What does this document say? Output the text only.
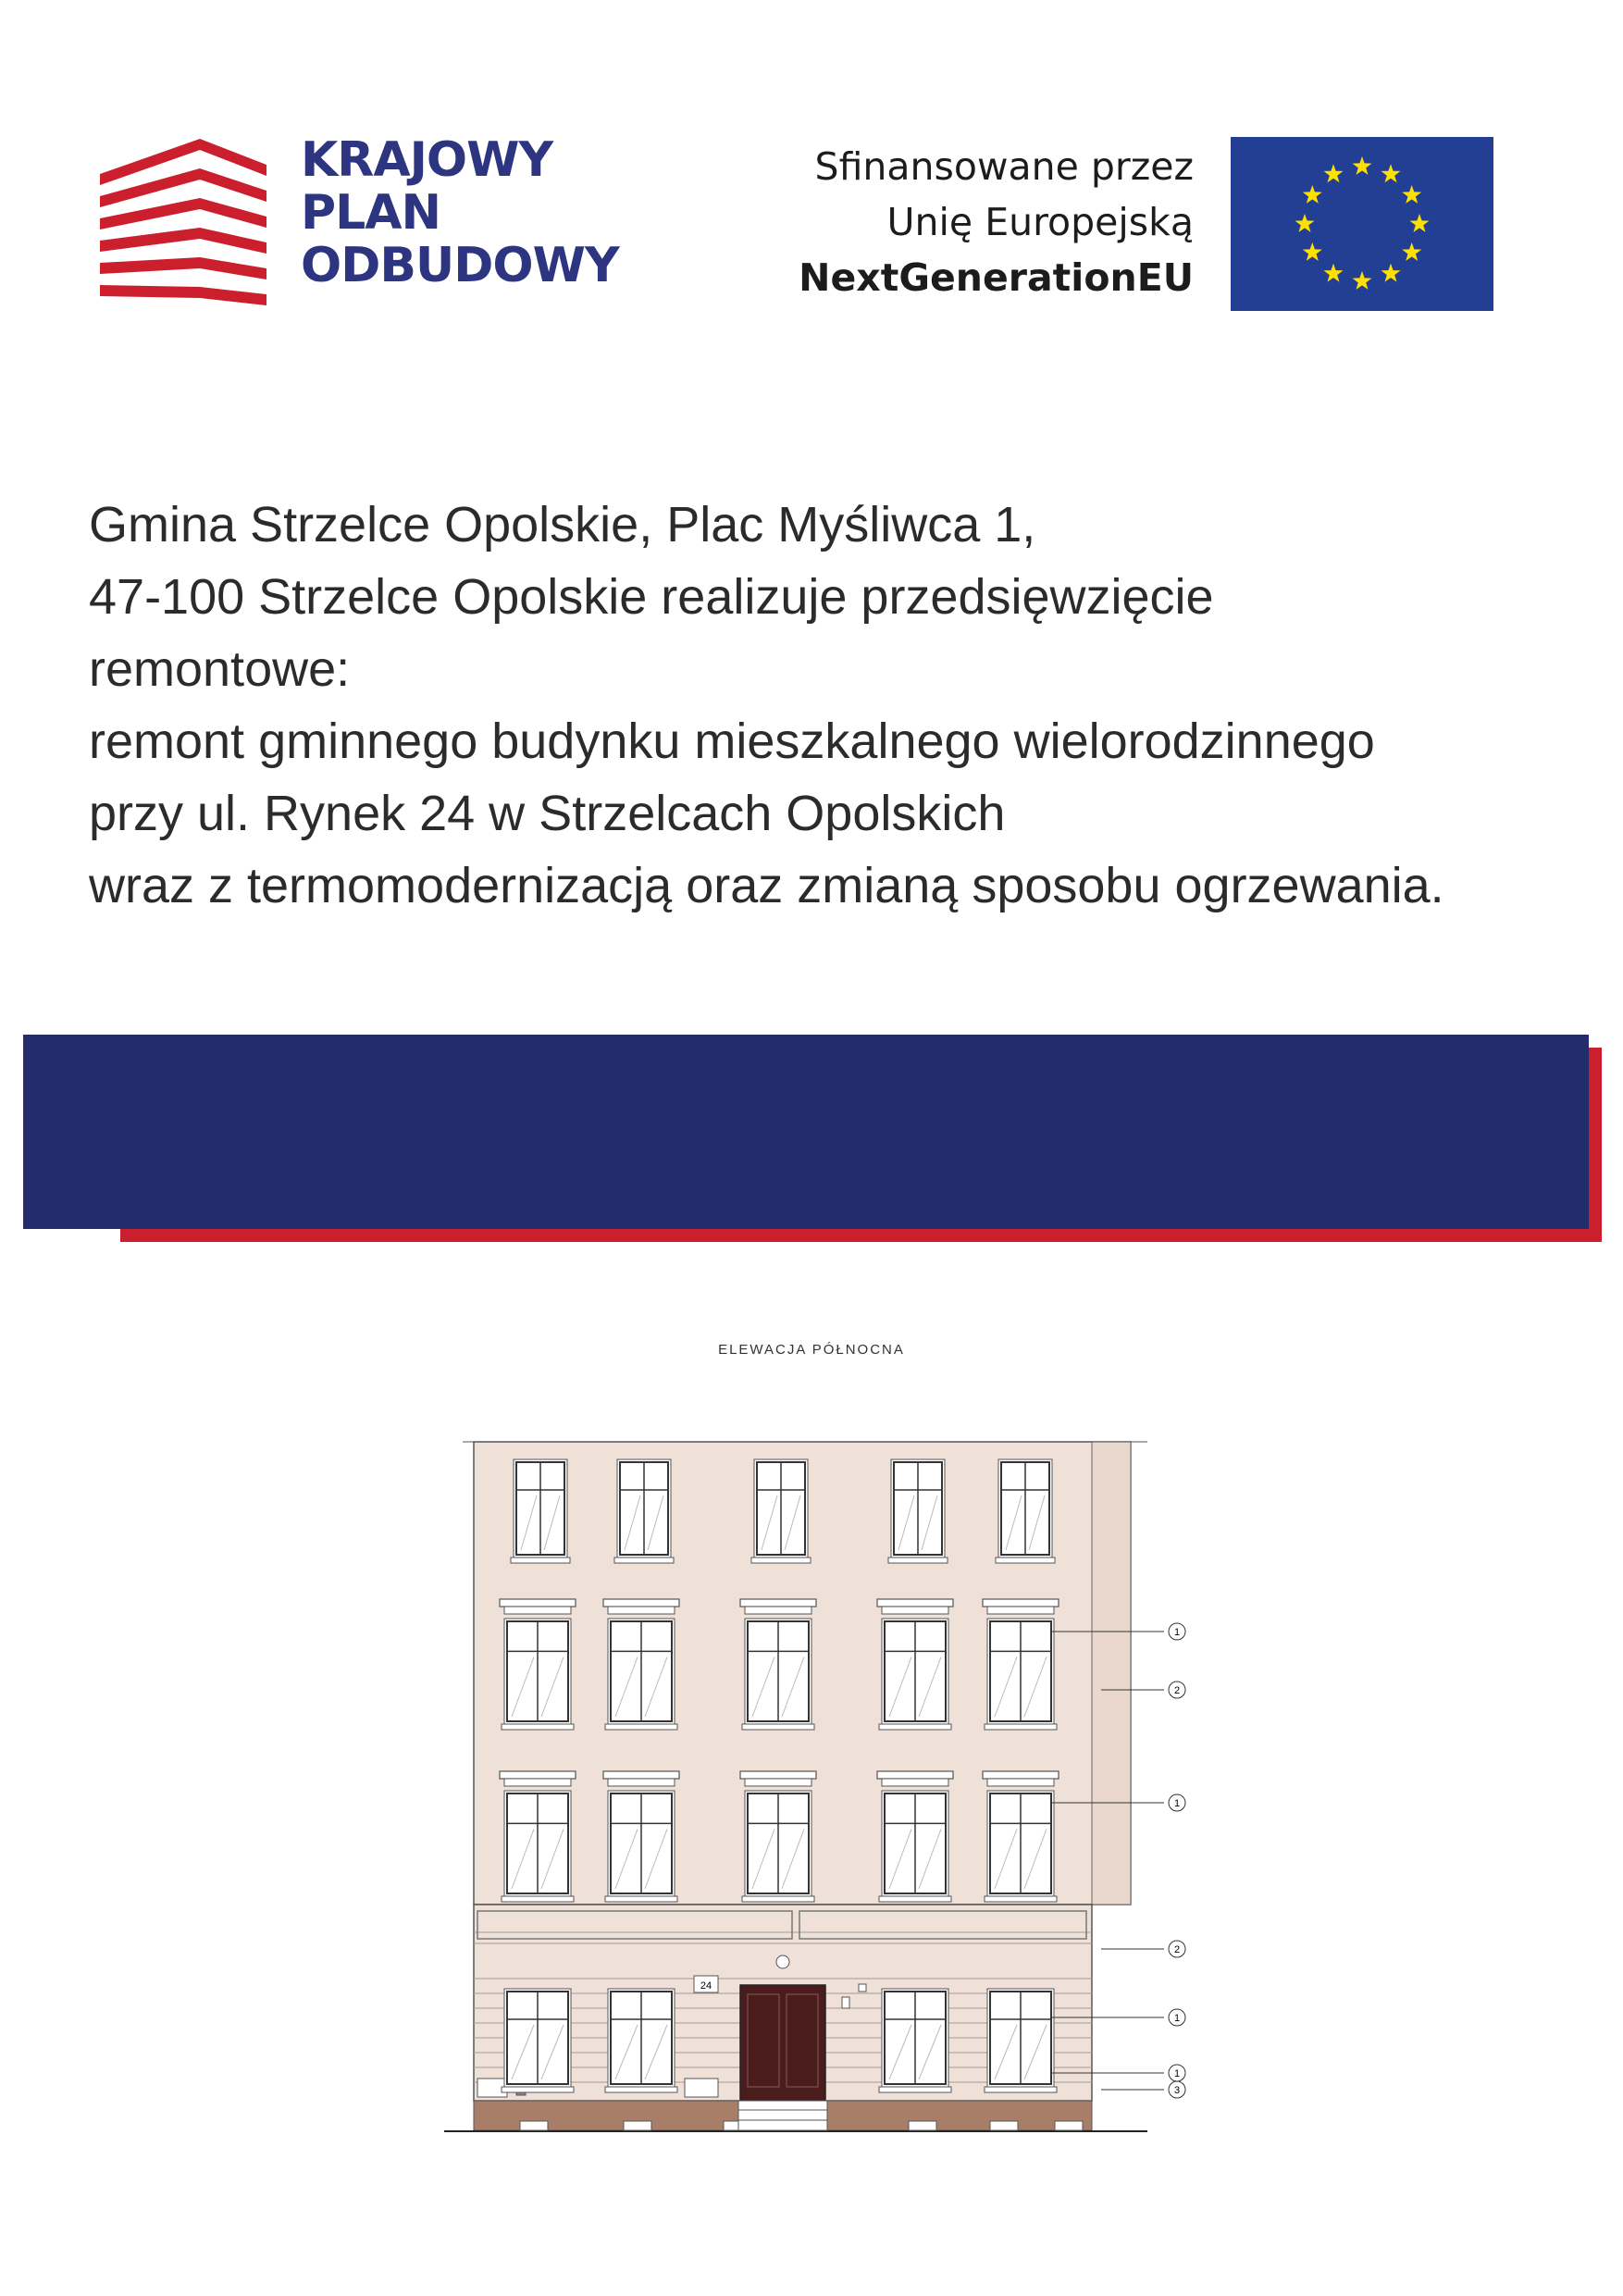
KRAJOWY
PLAN
ODBUDOWY
Sfinansowane przez
Unię Europejską
NextGenerationEU
Gmina Strzelce Opolskie, Plac Myśliwca 1,
47-100 Strzelce Opolskie realizuje przedsięwzięcie
remontowe:
remont gminnego budynku mieszkalnego wielorodzinnego
przy ul. Rynek 24 w Strzelcach Opolskich
wraz z termomodernizacją oraz zmianą sposobu ogrzewania.
ELEWACJA PÓŁNOCNA
24
1
2
1
2
1
1
3
